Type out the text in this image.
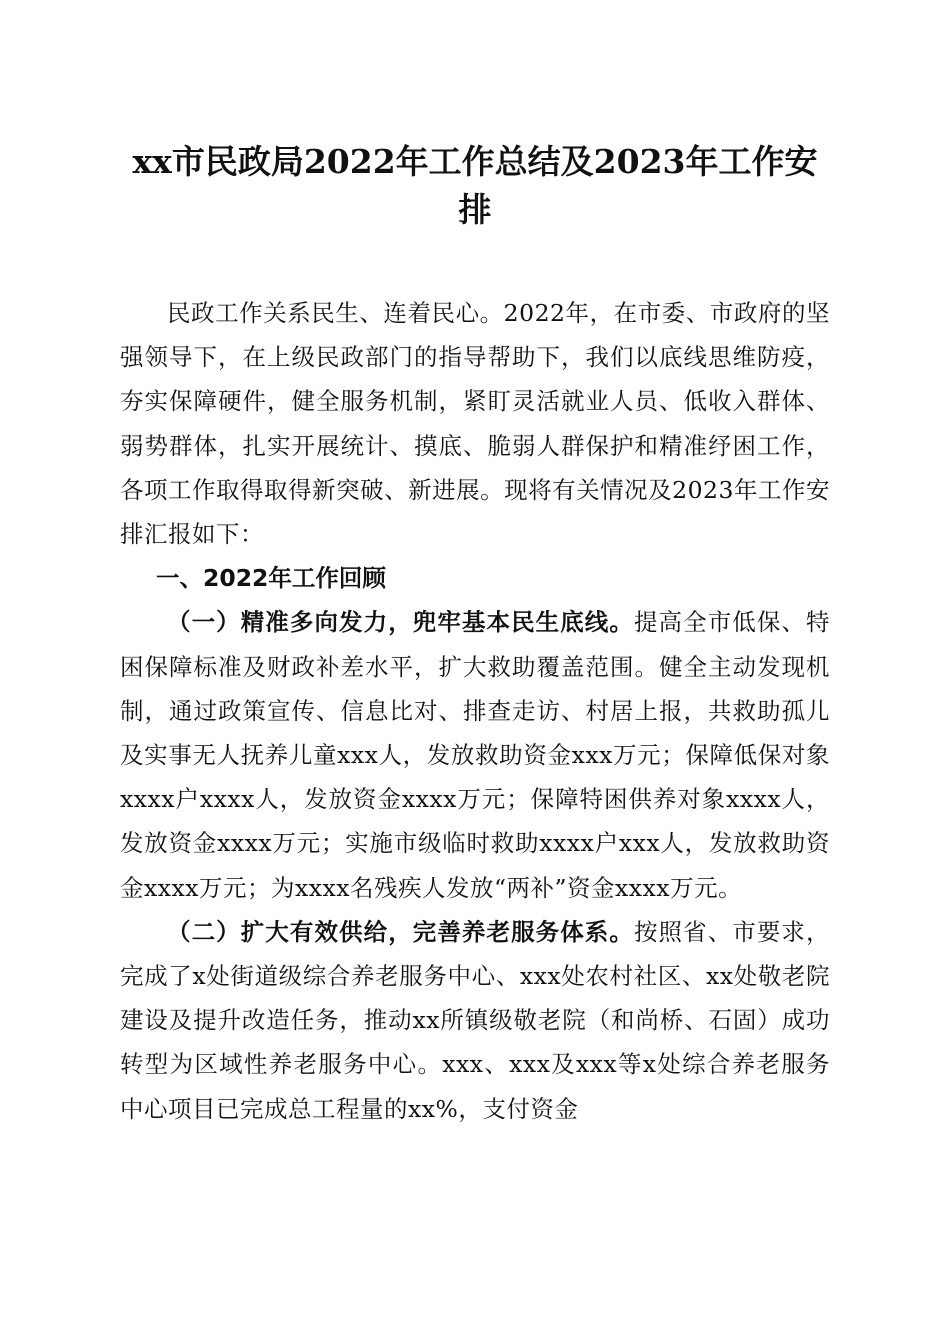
xx市民政局2022年工作总结及2023年工作安排

民政工作关系民生、连着民心。2022年，在市委、市政府的坚强领导下，在上级民政部门的指导帮助下，我们以底线思维防疫，夯实保障硬件，健全服务机制，紧盯灵活就业人员、低收入群体、弱势群体，扎实开展统计、摸底、脆弱人群保护和精准纾困工作，各项工作取得取得新突破、新进展。现将有关情况及2023年工作安排汇报如下：

一、2022年工作回顾

（一）精准多向发力，兜牢基本民生底线。提高全市低保、特困保障标准及财政补差水平，扩大救助覆盖范围。健全主动发现机制，通过政策宣传、信息比对、排查走访、村居上报，共救助孤儿及实事无人抚养儿童xxx人，发放救助资金xxx万元；保障低保对象xxxx户xxxx人，发放资金xxxx万元；保障特困供养对象xxxx人，发放资金xxxx万元；实施市级临时救助xxxx户xxx人，发放救助资金xxxx万元；为xxxx名残疾人发放“两补”资金xxxx万元。

（二）扩大有效供给，完善养老服务体系。按照省、市要求，完成了x处街道级综合养老服务中心、xxx处农村社区、xx处敬老院建设及提升改造任务，推动xx所镇级敬老院（和尚桥、石固）成功转型为区域性养老服务中心。xxx、xxx及xxx等x处综合养老服务中心项目已完成总工程量的xx%，支付资金
